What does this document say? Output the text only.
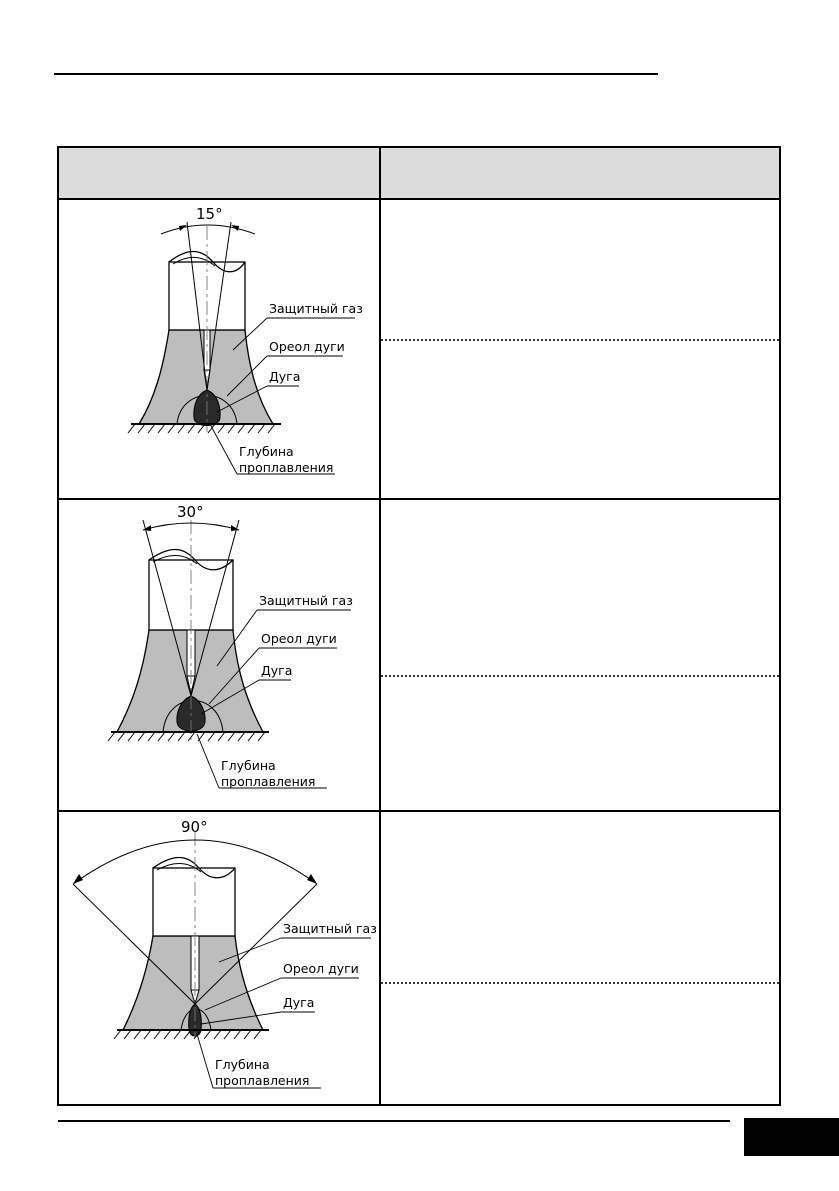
15°
Защитный газ
Ореол дуги
Дуга
Глубина
проплавления
30°
Защитный газ
Ореол дуги
Дуга
Глубина
проплавления
90°
Защитный газ
Ореол дуги
Дуга
Глубина
проплавления
